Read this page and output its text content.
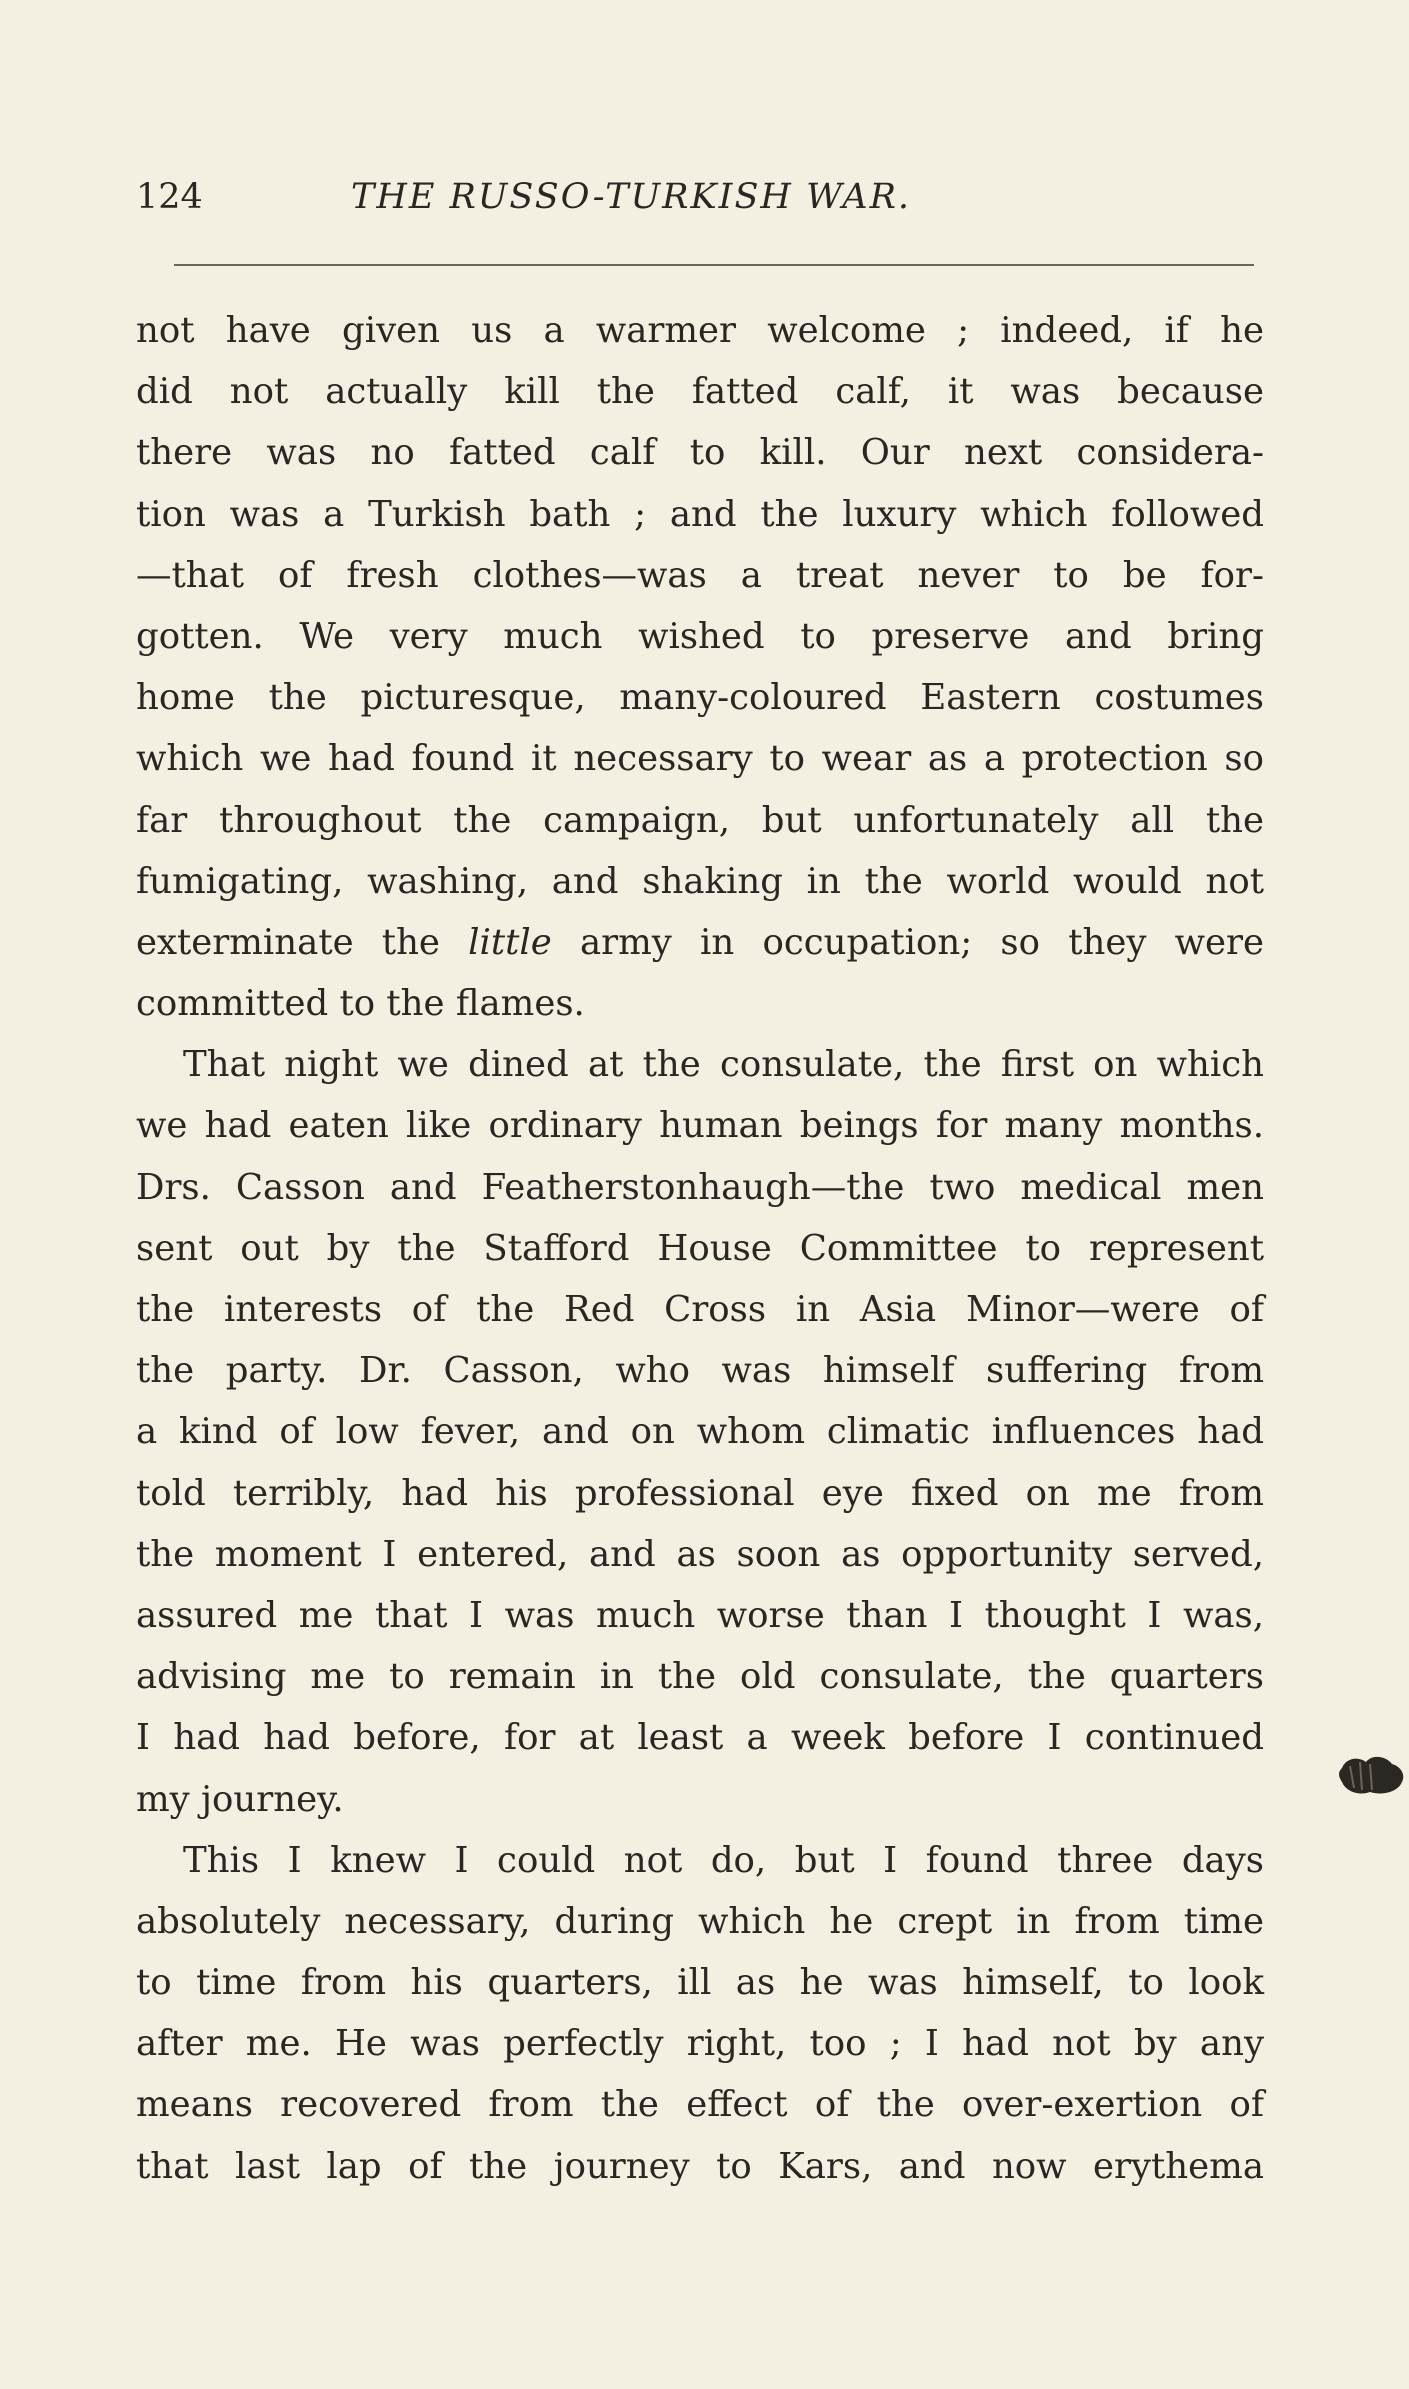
124	THE RUSSO-TURKISH WAR.
not have given us a warmer welcome ; indeed, if he
did not actually kill the fatted calf, it was because
there was no fatted calf to kill. Our next considera-
tion was a Turkish bath ; and the luxury which followed
—that of fresh clothes—was a treat never to be for-
gotten. We very much wished to preserve and bring
home the picturesque, many-coloured Eastern costumes
which we had found it necessary to wear as a protection so
far throughout the campaign, but unfortunately all the
fumigating, washing, and shaking in the world would not
exterminate the little army in occupation; so they were
committed to the flames.
That night we dined at the consulate, the first on which
we had eaten like ordinary human beings for many months.
Drs. Casson and Featherstonhaugh—the two medical men
sent out by the Stafford House Committee to represent
the interests of the Red Cross in Asia Minor—were of
the party. Dr. Casson, who was himself suffering from
a kind of low fever, and on whom climatic influences had
told terribly, had his professional eye fixed on me from
the moment I entered, and as soon as opportunity served,
assured me that I was much worse than I thought I was,
advising me to remain in the old consulate, the quarters
I had had before, for at least a week before I continued
my journey.
This I knew I could not do, but I found three days
absolutely necessary, during which he crept in from time
to time from his quarters, ill as he was himself, to look
after me. He was perfectly right, too ; I had not by any
means recovered from the effect of the over-exertion of
that last lap of the journey to Kars, and now erythema
